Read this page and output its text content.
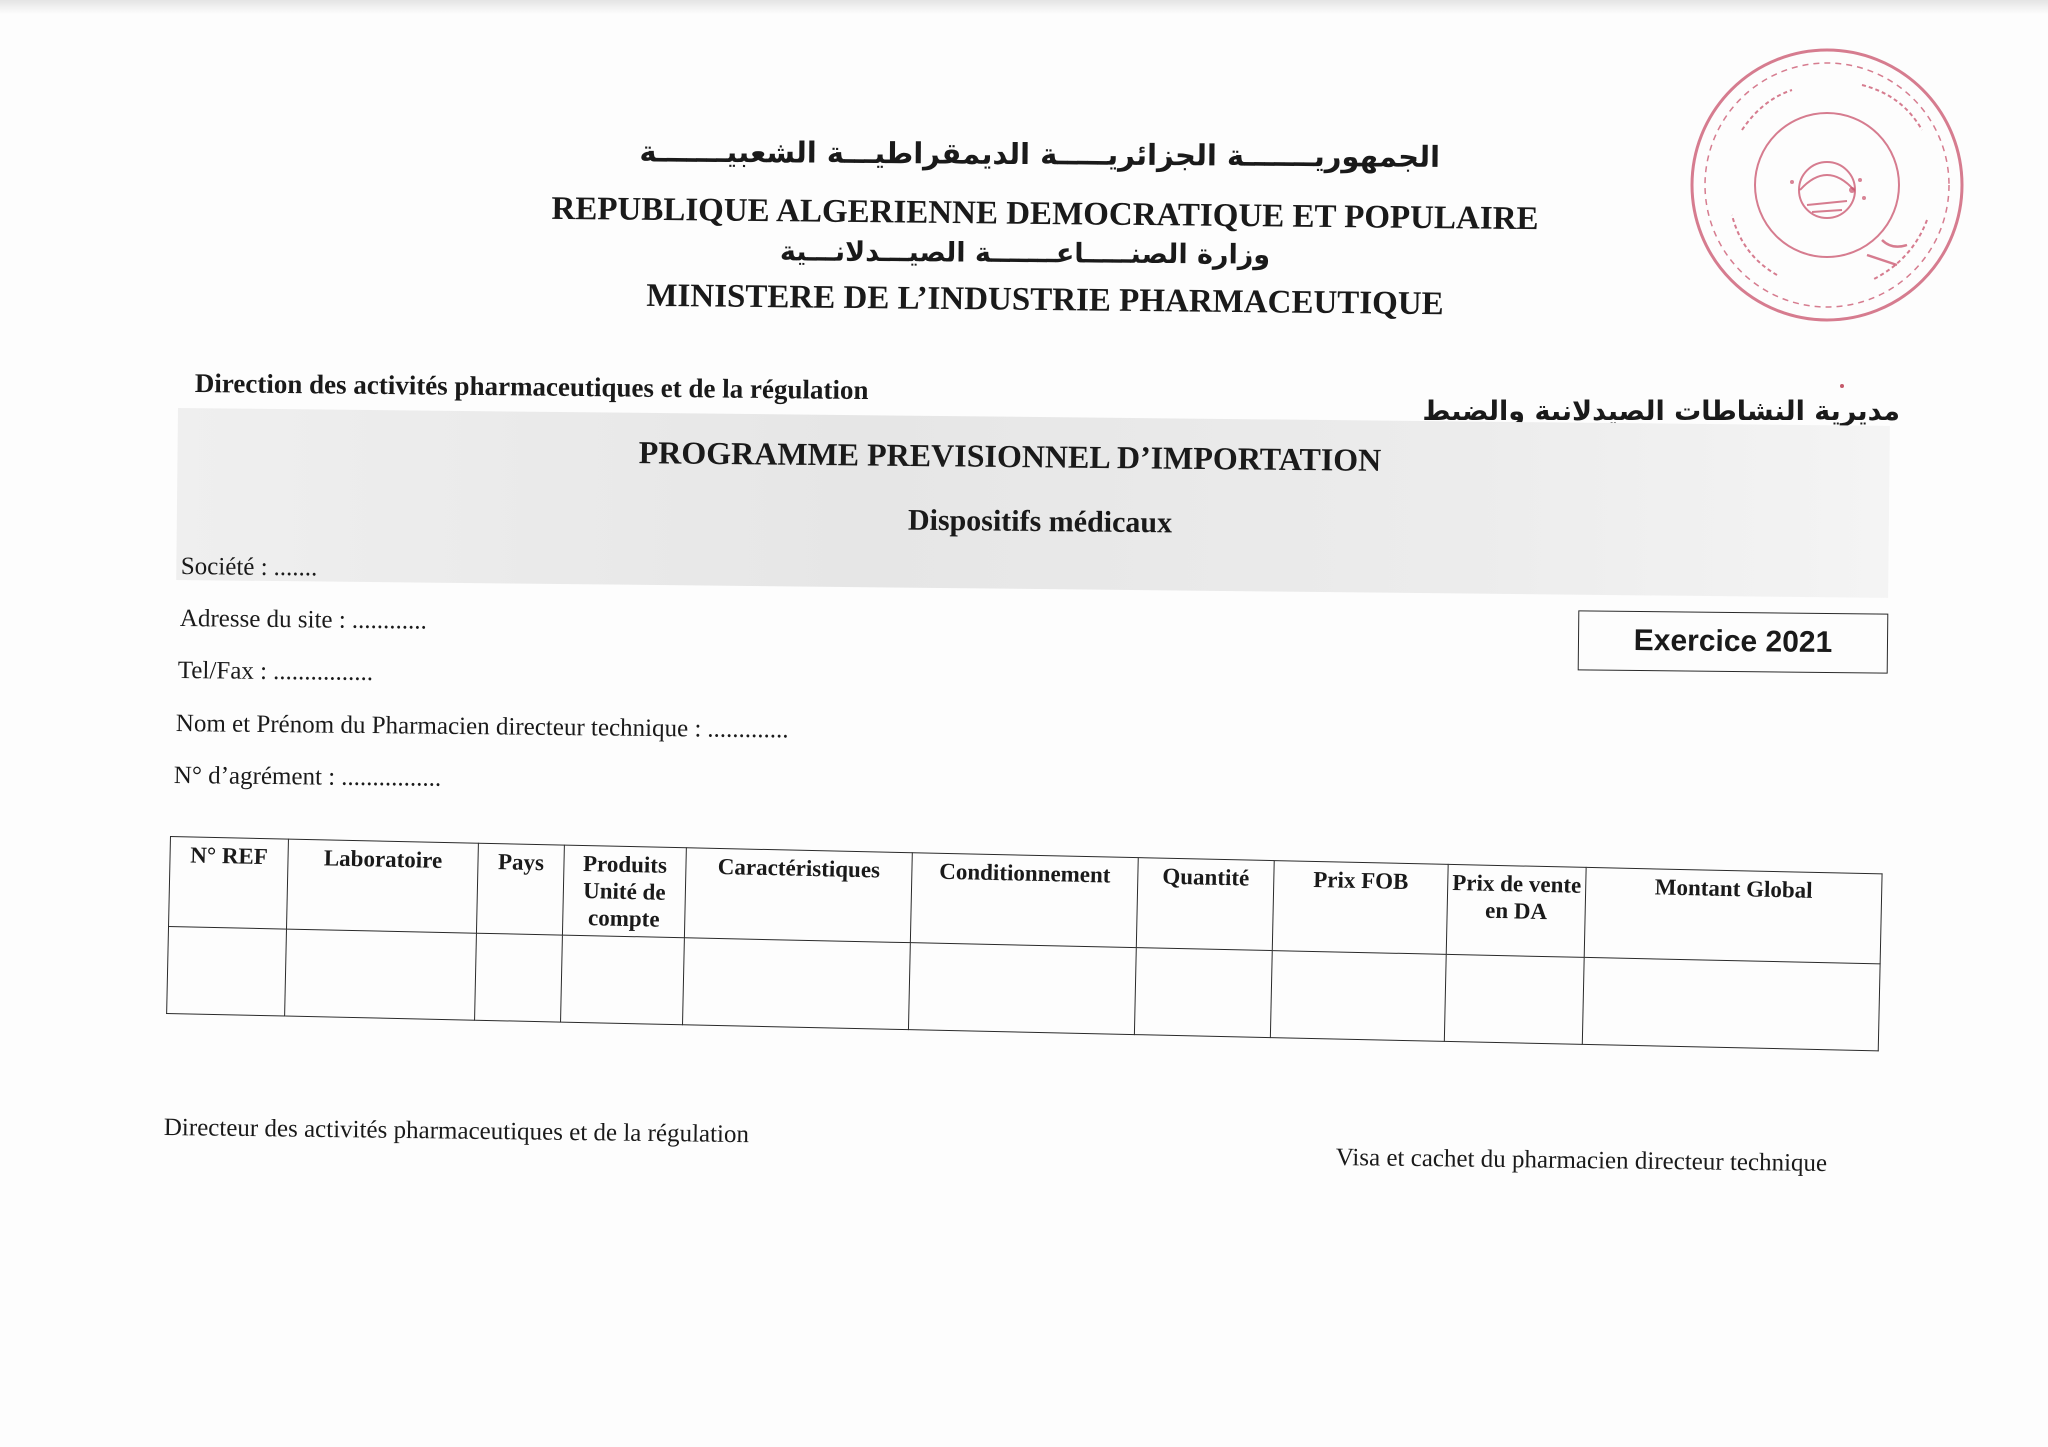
الجمهوريـــــــة الجزائريـــــة الديمقراطيـــة الشعبيـــــــة
REPUBLIQUE ALGERIENNE DEMOCRATIQUE ET POPULAIRE
وزارة الصنـــــاعـــــــة الصيـــدلانـــية
MINISTERE DE L’INDUSTRIE PHARMACEUTIQUE
Direction des activités pharmaceutiques et de la régulation
مديرية النشاطات الصيدلانية والضبط
PROGRAMME PREVISIONNEL D’IMPORTATION
Dispositifs médicaux
Société : .......
Adresse du site : ............
Tel/Fax : ................
Nom et Prénom du Pharmacien directeur technique : .............
N° d’agrément : ................
Exercice 2021
N° REF	Laboratoire	Pays	Produits Unité de compte	Caractéristiques	Conditionnement	Quantité	Prix FOB	Prix de vente en DA	Montant Global

Directeur des activités pharmaceutiques et de la régulation
Visa et cachet du pharmacien directeur technique
